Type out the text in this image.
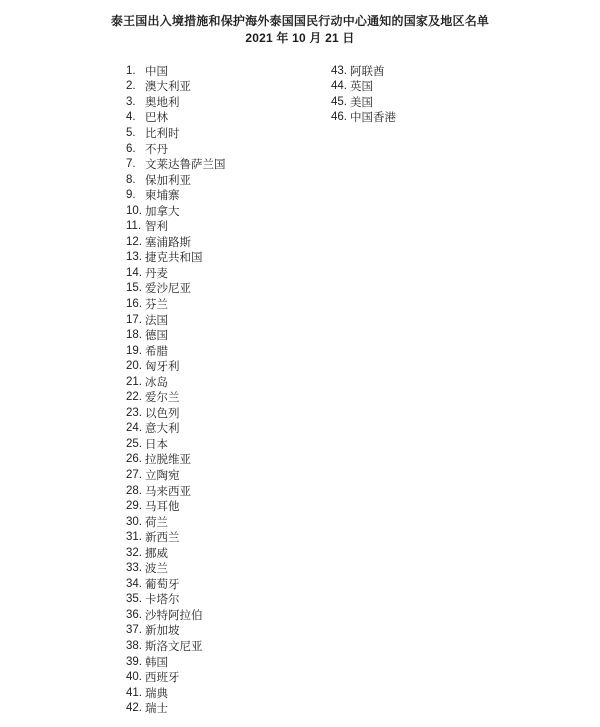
泰王国出入境措施和保护海外泰国国民行动中心通知的国家及地区名单
2021 年 10 月 21 日
1. 中国
2. 澳大利亚
3. 奥地利
4. 巴林
5. 比利时
6. 不丹
7. 文莱达鲁萨兰国
8. 保加利亚
9. 柬埔寨
10. 加拿大
11. 智利
12. 塞浦路斯
13. 捷克共和国
14. 丹麦
15. 爱沙尼亚
16. 芬兰
17. 法国
18. 德国
19. 希腊
20. 匈牙利
21. 冰岛
22. 爱尔兰
23. 以色列
24. 意大利
25. 日本
26. 拉脱维亚
27. 立陶宛
28. 马来西亚
29. 马耳他
30. 荷兰
31. 新西兰
32. 挪威
33. 波兰
34. 葡萄牙
35. 卡塔尔
36. 沙特阿拉伯
37. 新加坡
38. 斯洛文尼亚
39. 韩国
40. 西班牙
41. 瑞典
42. 瑞士
43. 阿联酋
44. 英国
45. 美国
46. 中国香港
